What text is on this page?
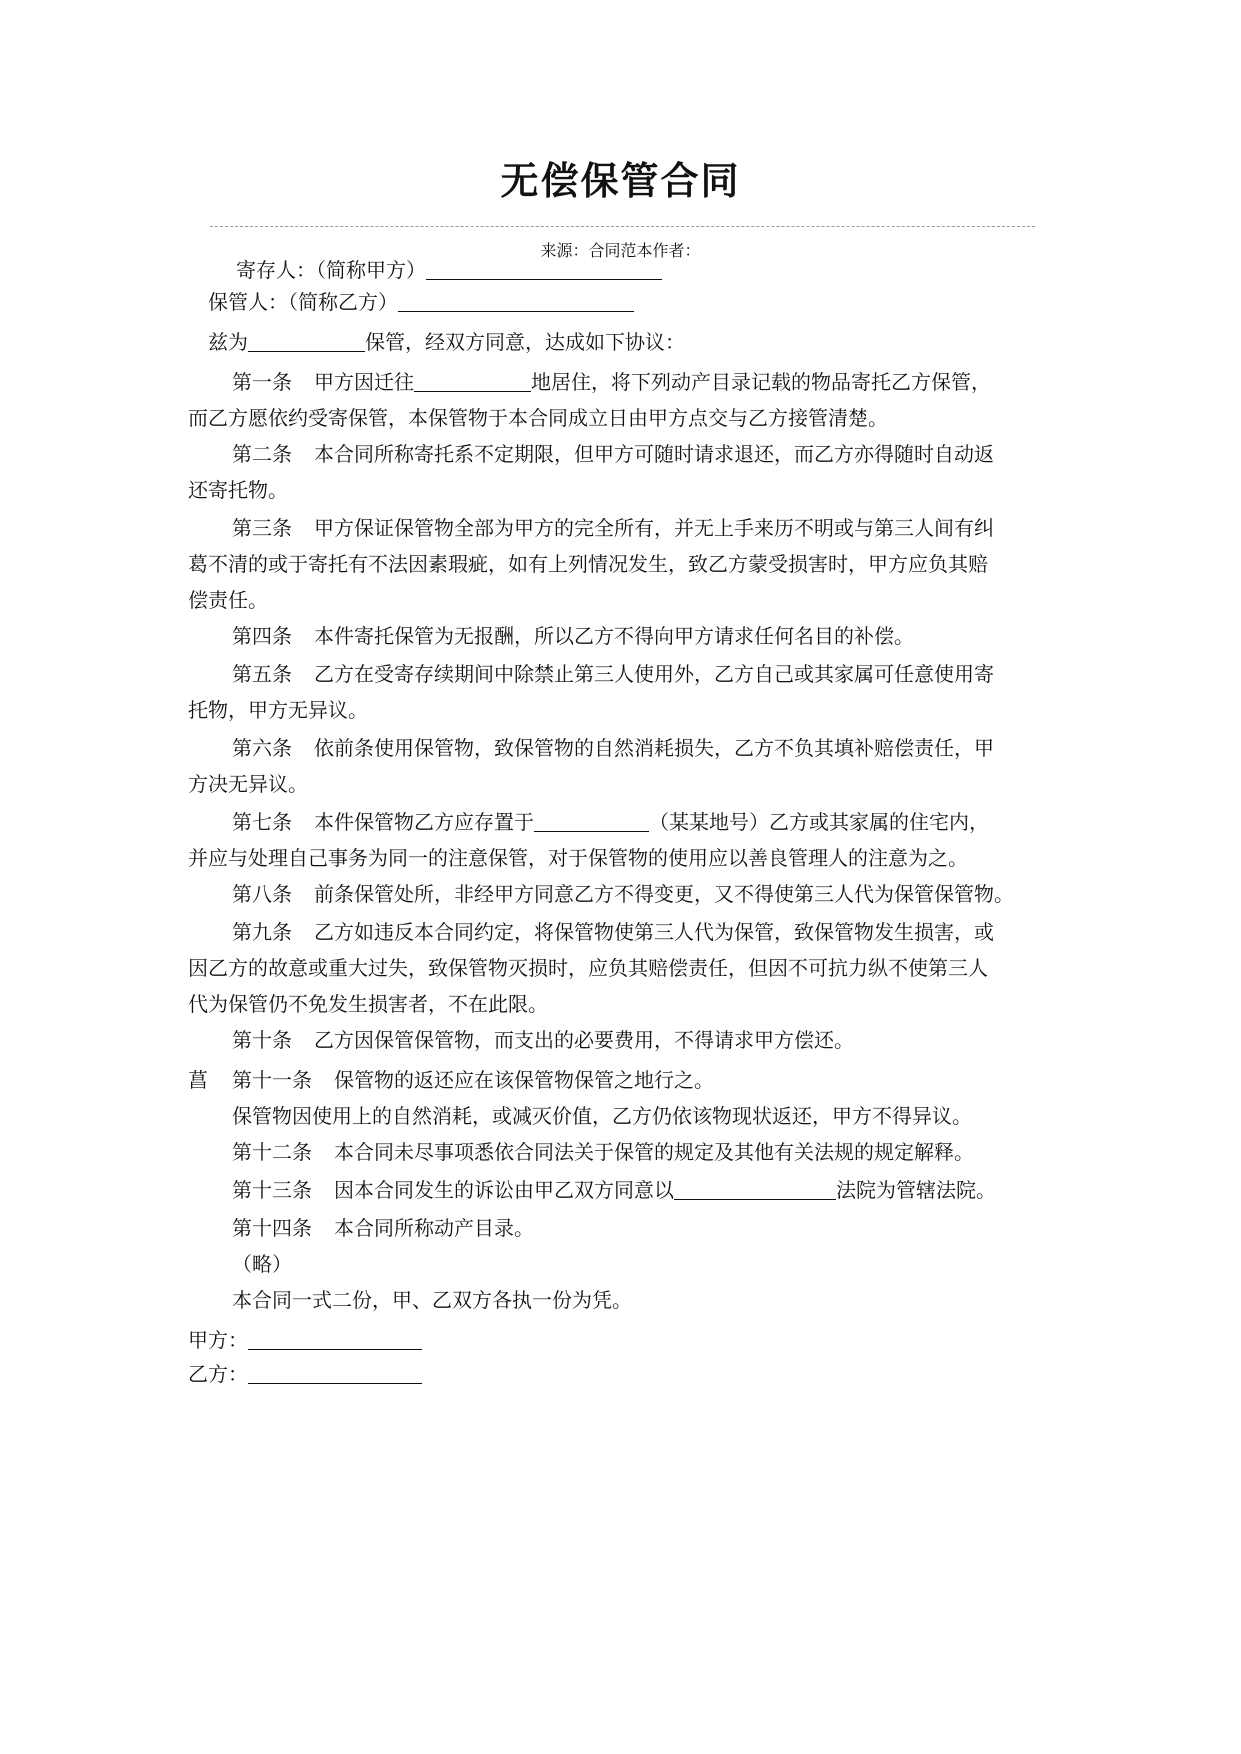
无偿保管合同
来源：合同范本作者：
寄存人：（简称甲方）
保管人：（简称乙方）
兹为	保管，经双方同意，达成如下协议：
第一条 甲方因迁往	地居住，将下列动产目录记载的物品寄托乙方保管，
而乙方愿依约受寄保管，本保管物于本合同成立日由甲方点交与乙方接管清楚。
第二条 本合同所称寄托系不定期限，但甲方可随时请求退还，而乙方亦得随时自动返
还寄托物。
第三条 甲方保证保管物全部为甲方的完全所有，并无上手来历不明或与第三人间有纠
葛不清的或于寄托有不法因素瑕疵，如有上列情况发生，致乙方蒙受损害时，甲方应负其赔
偿责任。
第四条 本件寄托保管为无报酬，所以乙方不得向甲方请求任何名目的补偿。
第五条 乙方在受寄存续期间中除禁止第三人使用外，乙方自己或其家属可任意使用寄
托物，甲方无异议。
第六条 依前条使用保管物，致保管物的自然消耗损失，乙方不负其填补赔偿责任，甲
方决无异议。
第七条 本件保管物乙方应存置于	（某某地号）乙方或其家属的住宅内，
并应与处理自己事务为同一的注意保管，对于保管物的使用应以善良管理人的注意为之。
第八条 前条保管处所，非经甲方同意乙方不得变更，又不得使第三人代为保管保管物。
第九条 乙方如违反本合同约定，将保管物使第三人代为保管，致保管物发生损害，或
因乙方的故意或重大过失，致保管物灭损时，应负其赔偿责任，但因不可抗力纵不使第三人
代为保管仍不免发生损害者，不在此限。
第十条 乙方因保管保管物，而支出的必要费用，不得请求甲方偿还。
菖 第十一条 保管物的返还应在该保管物保管之地行之。
保管物因使用上的自然消耗，或减灭价值，乙方仍依该物现状返还，甲方不得异议。
第十二条 本合同未尽事项悉依合同法关于保管的规定及其他有关法规的规定解释。
第十三条 因本合同发生的诉讼由甲乙双方同意以	法院为管辖法院。
第十四条 本合同所称动产目录。
（略）
本合同一式二份，甲、乙双方各执一份为凭。
甲方：
乙方：
